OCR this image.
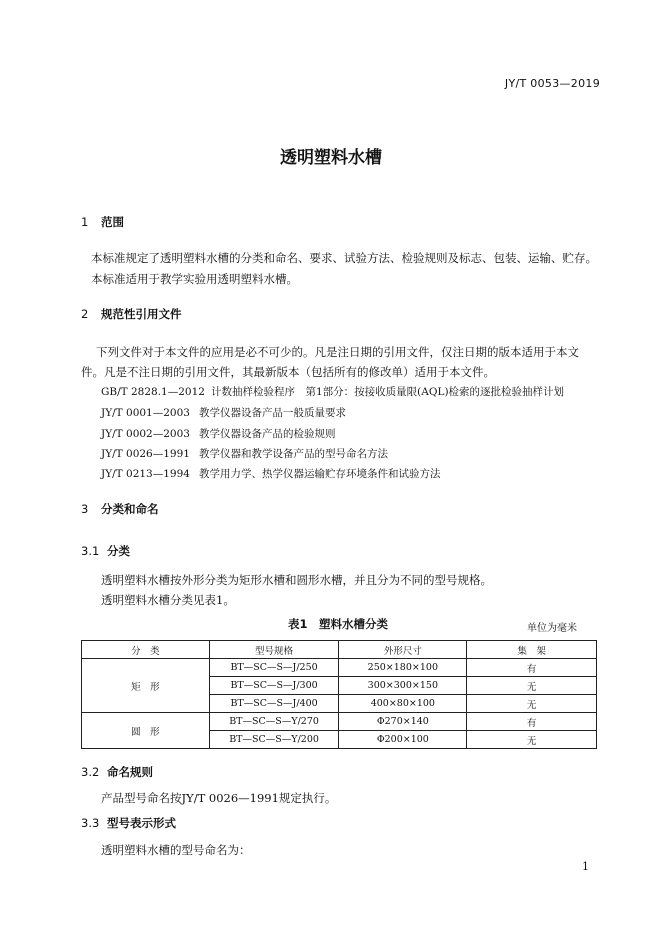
JY/T 0053—2019
透明塑料水槽
1 范围
本标准规定了透明塑料水槽的分类和命名、要求、试验方法、检验规则及标志、包装、运输、贮存。
本标准适用于教学实验用透明塑料水槽。
2 规范性引用文件
下列文件对于本文件的应用是必不可少的。凡是注日期的引用文件，仅注日期的版本适用于本文
件。凡是不注日期的引用文件，其最新版本（包括所有的修改单）适用于本文件。
GB/T 2828.1—2012 计数抽样检验程序　第1部分：按接收质量限(AQL)检索的逐批检验抽样计划
JY/T 0001—2003 教学仪器设备产品一般质量要求
JY/T 0002—2003 教学仪器设备产品的检验规则
JY/T 0026—1991 教学仪器和教学设备产品的型号命名方法
JY/T 0213—1994 教学用力学、热学仪器运输贮存环境条件和试验方法
3 分类和命名
3.1 分类
透明塑料水槽按外形分类为矩形水槽和圆形水槽，并且分为不同的型号规格。
透明塑料水槽分类见表1。
表1　塑料水槽分类	单位为毫米
分　类	型号规格	外形尺寸	集　架
矩　形	BT—SC—S—J/250	250×180×100	有
	BT—SC—S—J/300	300×300×150	无
	BT—SC—S—J/400	400×80×100	无
圆　形	BT—SC—S—Y/270	Φ270×140	有
	BT—SC—S—Y/200	Φ200×100	无
3.2 命名规则
产品型号命名按JY/T 0026—1991规定执行。
3.3 型号表示形式
透明塑料水槽的型号命名为：
1
